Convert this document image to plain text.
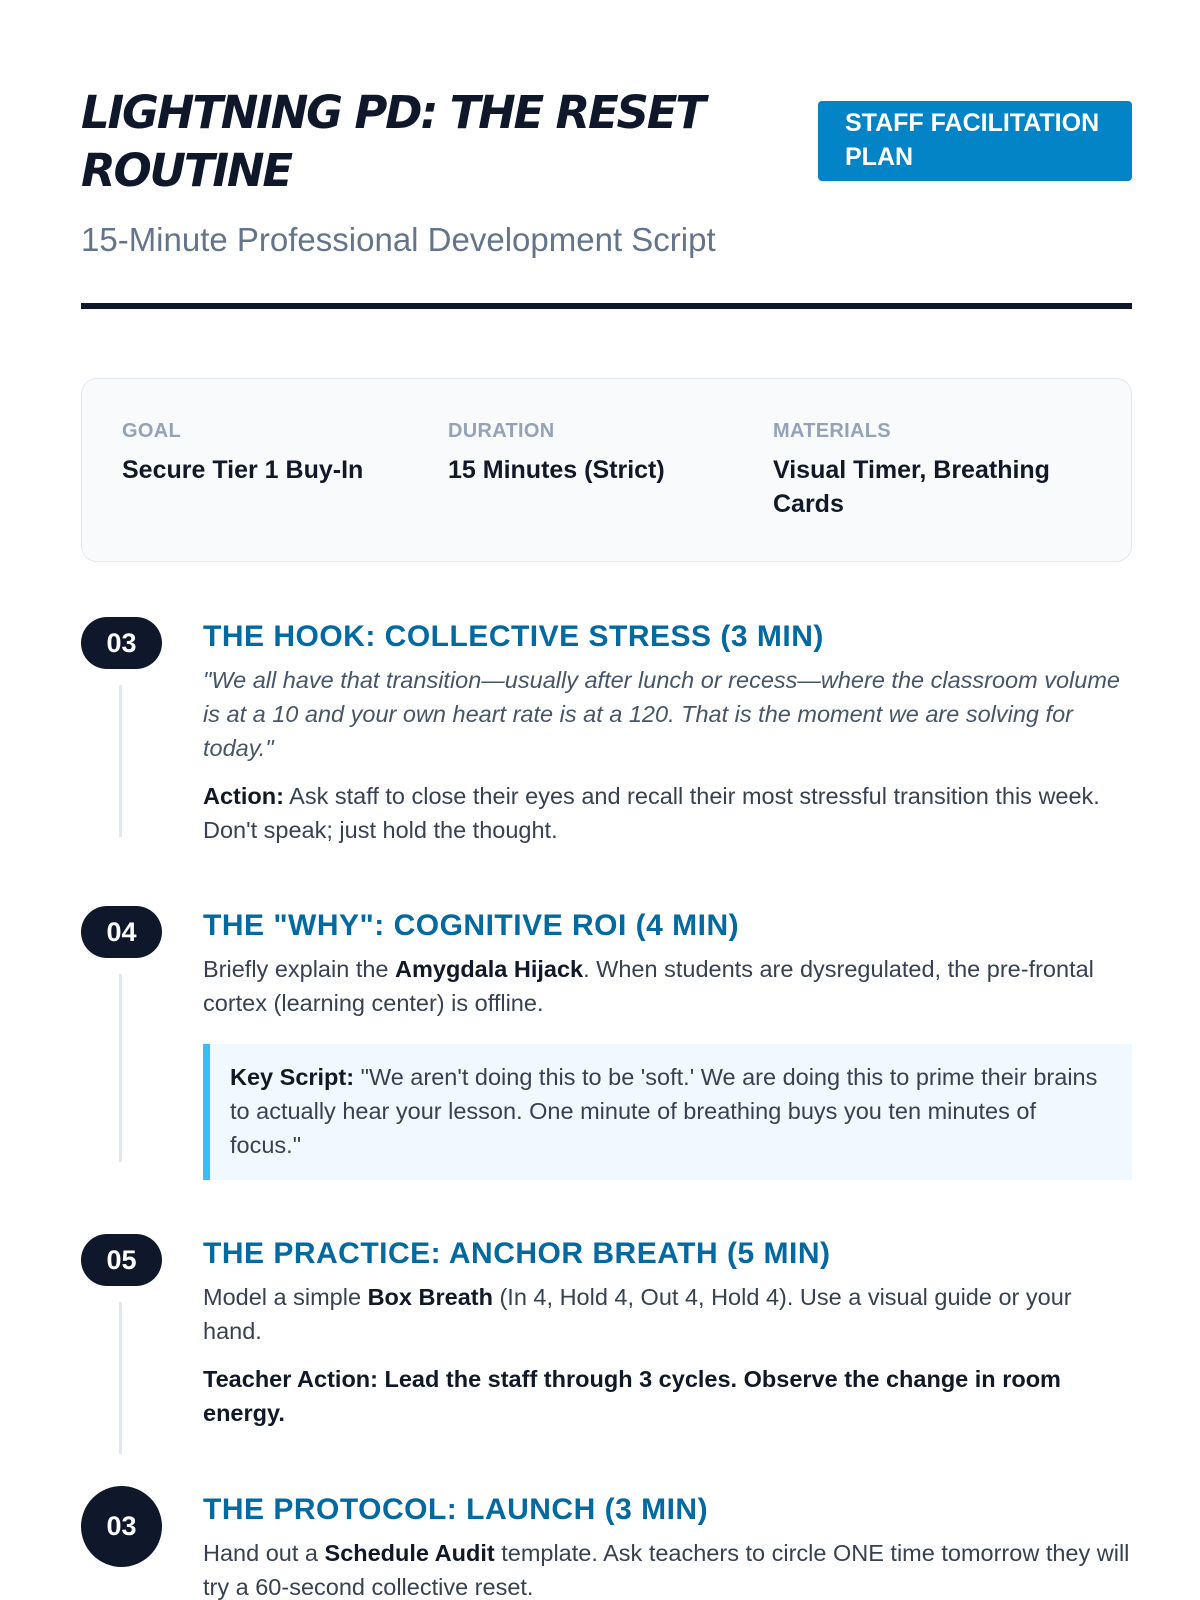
LIGHTNING PD: THE RESET ROUTINE
STAFF FACILITATION PLAN
15-Minute Professional Development Script
GOAL
Secure Tier 1 Buy-In
DURATION
15 Minutes (Strict)
MATERIALS
Visual Timer, Breathing Cards
03	THE HOOK: COLLECTIVE STRESS (3 MIN)

"We all have that transition—usually after lunch or recess—where the classroom volume is at a 10 and your own heart rate is at a 120. That is the moment we are solving for today."

Action: Ask staff to close their eyes and recall their most stressful transition this week. Don't speak; just hold the thought.

04	THE "WHY": COGNITIVE ROI (4 MIN)

Briefly explain the Amygdala Hijack. When students are dysregulated, the pre-frontal cortex (learning center) is offline.

Key Script: "We aren't doing this to be 'soft.' We are doing this to prime their brains to actually hear your lesson. One minute of breathing buys you ten minutes of focus."
05	THE PRACTICE: ANCHOR BREATH (5 MIN)

Model a simple Box Breath (In 4, Hold 4, Out 4, Hold 4). Use a visual guide or your hand.

Teacher Action: Lead the staff through 3 cycles. Observe the change in room energy.

03	THE PROTOCOL: LAUNCH (3 MIN)

Hand out a Schedule Audit template. Ask teachers to circle ONE time tomorrow they will try a 60-second collective reset.
